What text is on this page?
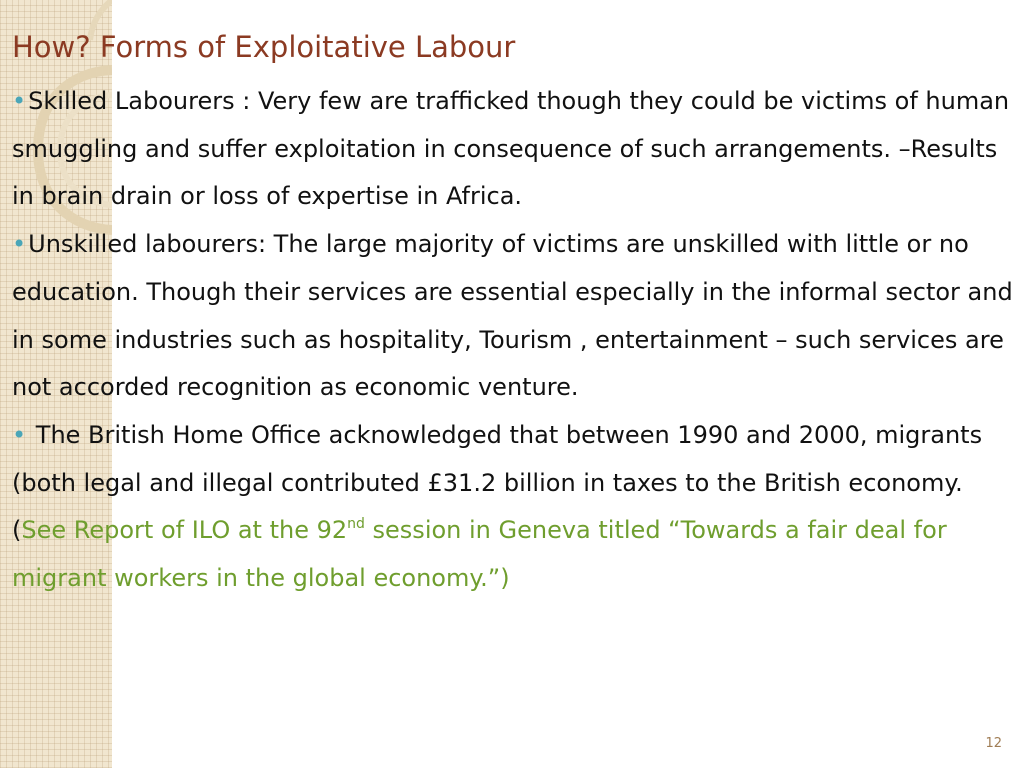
How? Forms of Exploitative Labour

•Skilled Labourers : Very few are trafficked though they could be victims of human smuggling and suffer exploitation in consequence of such arrangements. –Results in brain drain or loss of expertise in Africa.

•Unskilled labourers: The large majority of victims are unskilled with little or no education. Though their services are essential especially in the informal sector and in some industries such as hospitality, Tourism , entertainment – such services are not accorded recognition as economic venture.

• The British Home Office acknowledged that between 1990 and 2000, migrants (both legal and illegal contributed £31.2 billion in taxes to the British economy.

(See Report of ILO at the 92nd session in Geneva titled “Towards a fair deal for migrant workers in the global economy.”)

12
